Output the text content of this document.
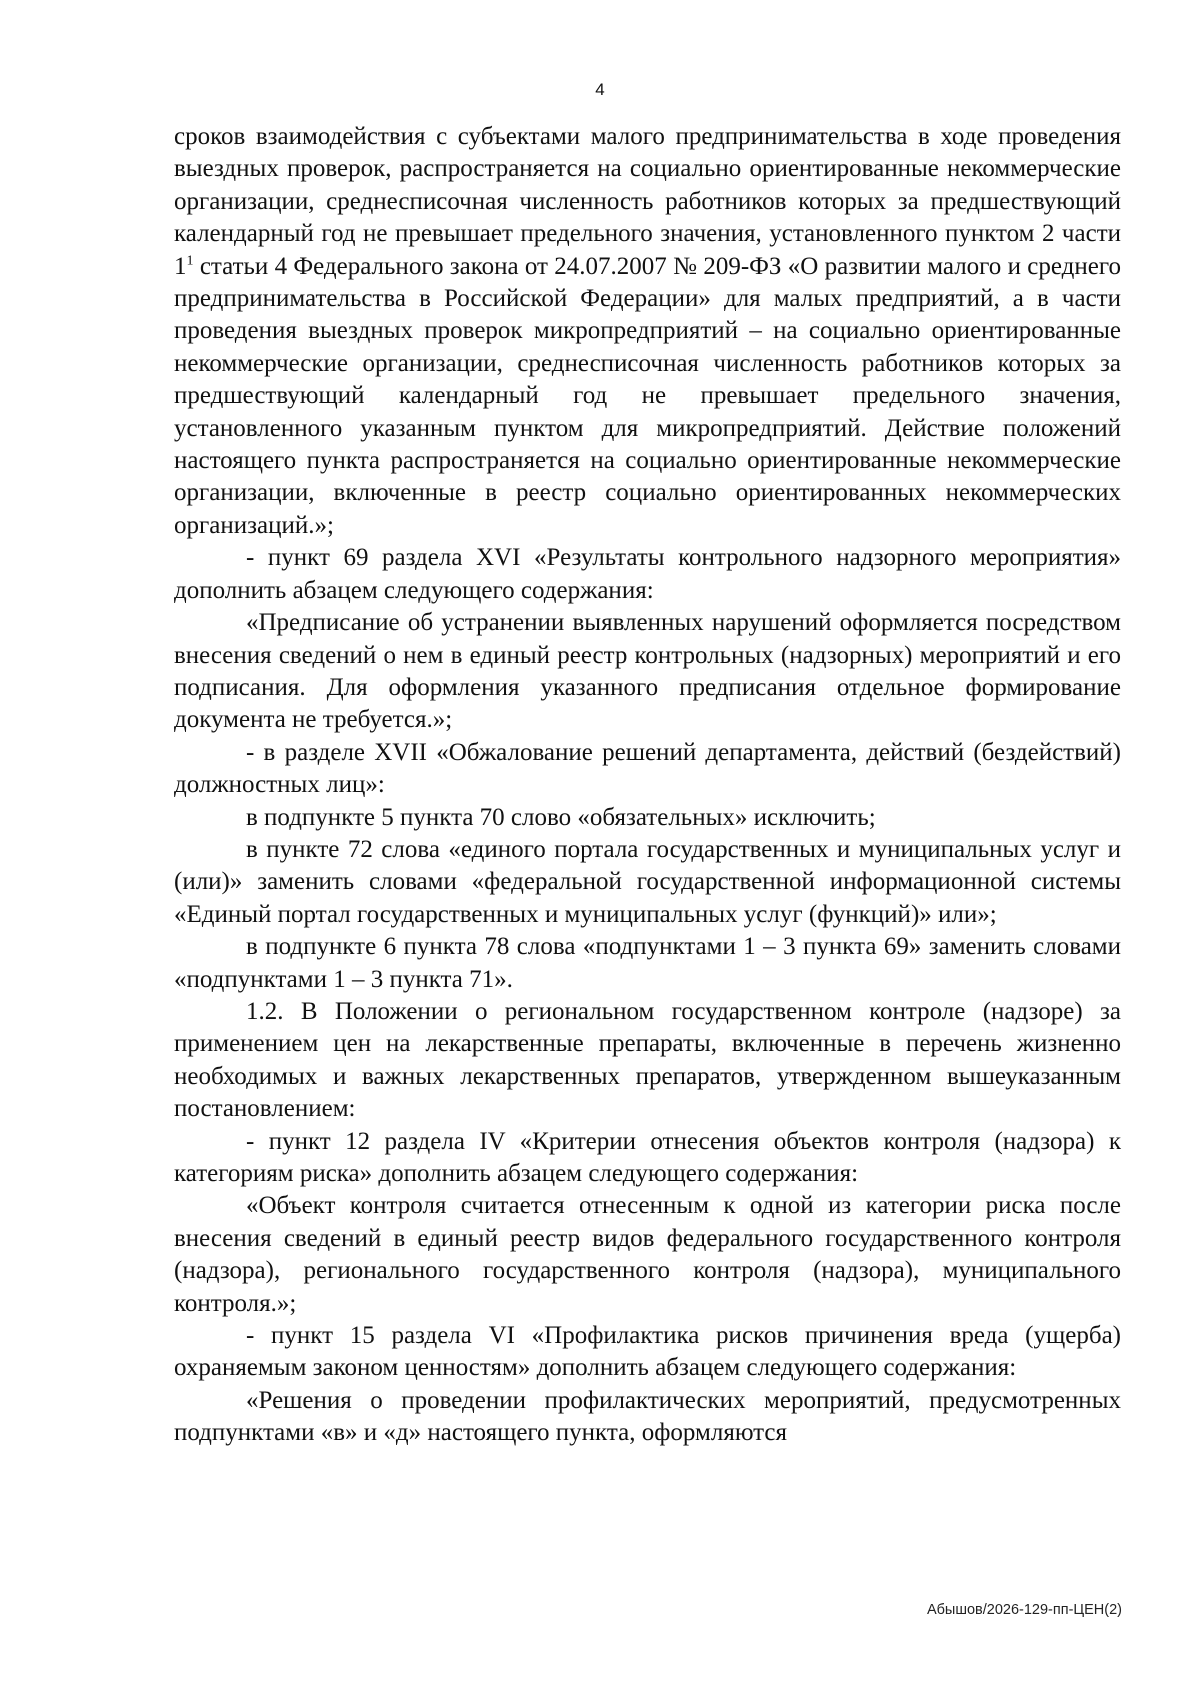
4

сроков взаимодействия с субъектами малого предпринимательства в ходе проведения выездных проверок, распространяется на социально ориентированные некоммерческие организации, среднесписочная численность работников которых за предшествующий календарный год не превышает предельного значения, установленного пунктом 2 части $1^1$ статьи 4 Федерального закона от 24.07.2007 № 209-ФЗ «О развитии малого и среднего предпринимательства в Российской Федерации» для малых предприятий, а в части проведения выездных проверок микропредприятий – на социально ориентированные некоммерческие организации, среднесписочная численность работников которых за предшествующий календарный год не превышает предельного значения, установленного указанным пунктом для микропредприятий. Действие положений настоящего пункта распространяется на социально ориентированные некоммерческие организации, включенные в реестр социально ориентированных некоммерческих организаций.»;

- пункт 69 раздела XVI «Результаты контрольного надзорного мероприятия» дополнить абзацем следующего содержания:

«Предписание об устранении выявленных нарушений оформляется посредством внесения сведений о нем в единый реестр контрольных (надзорных) мероприятий и его подписания. Для оформления указанного предписания отдельное формирование документа не требуется.»;

- в разделе XVII «Обжалование решений департамента, действий (бездействий) должностных лиц»:

в подпункте 5 пункта 70 слово «обязательных» исключить;

в пункте 72 слова «единого портала государственных и муниципальных услуг и (или)» заменить словами «федеральной государственной информационной системы «Единый портал государственных и муниципальных услуг (функций)» или»;

в подпункте 6 пункта 78 слова «подпунктами 1 – 3 пункта 69» заменить словами «подпунктами 1 – 3 пункта 71».

1.2. В Положении о региональном государственном контроле (надзоре) за применением цен на лекарственные препараты, включенные в перечень жизненно необходимых и важных лекарственных препаратов, утвержденном вышеуказанным постановлением:

- пункт 12 раздела IV «Критерии отнесения объектов контроля (надзора) к категориям риска» дополнить абзацем следующего содержания:

«Объект контроля считается отнесенным к одной из категории риска после внесения сведений в единый реестр видов федерального государственного контроля (надзора), регионального государственного контроля (надзора), муниципального контроля.»;

- пункт 15 раздела VI «Профилактика рисков причинения вреда (ущерба) охраняемым законом ценностям» дополнить абзацем следующего содержания:

«Решения о проведении профилактических мероприятий, предусмотренных подпунктами «в» и «д» настоящего пункта, оформляются

Абышов/2026-129-пп-ЦЕН(2)
